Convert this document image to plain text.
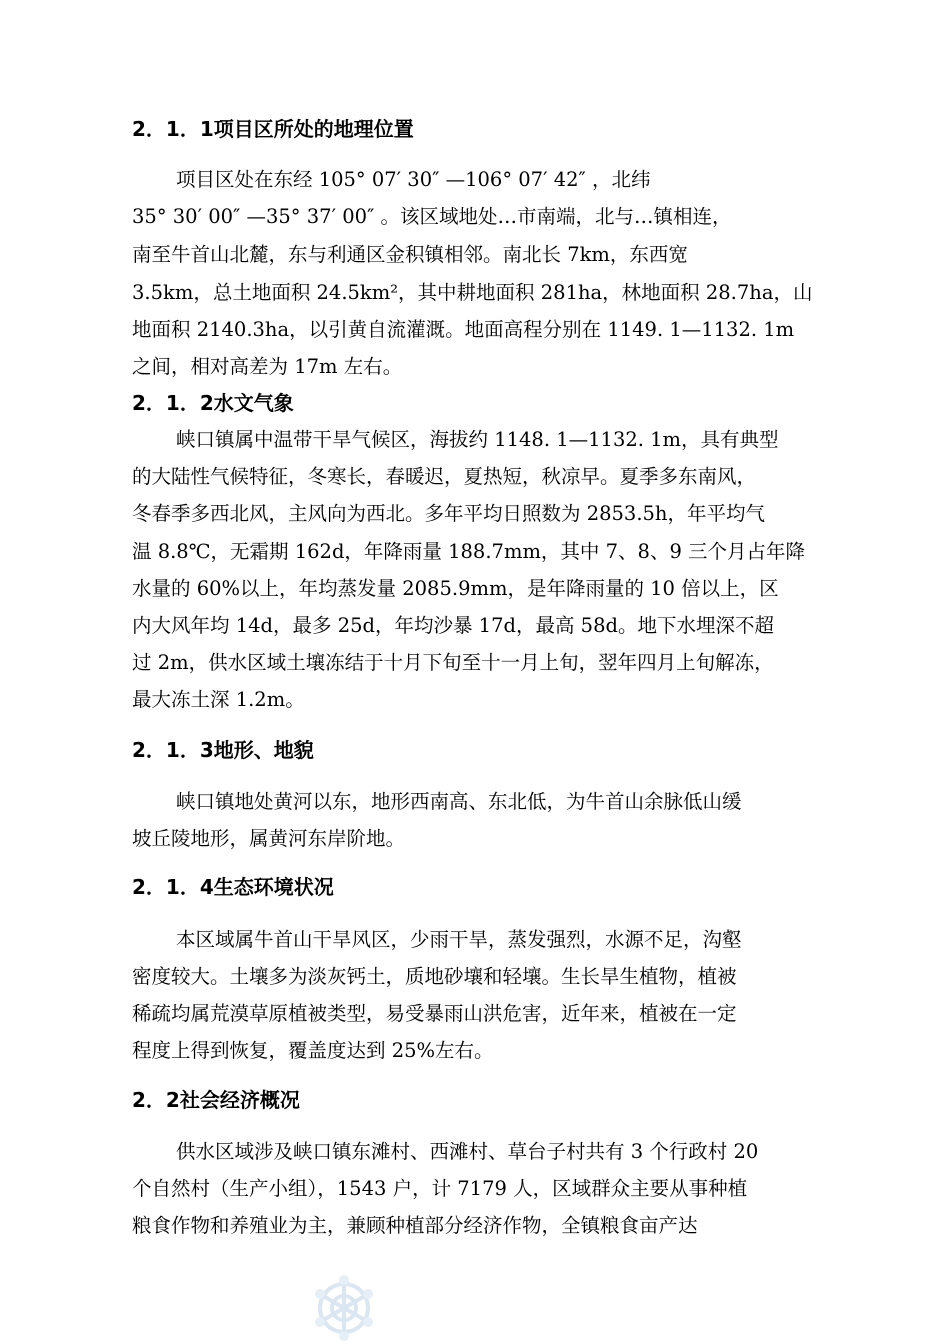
2．1．1项目区所处的地理位置
项目区处在东经 105° 07′ 30″ —106° 07′ 42″ ，北纬
35° 30′ 00″ —35° 37′ 00″ 。该区域地处…市南端，北与…镇相连，
南至牛首山北麓，东与利通区金积镇相邻。南北长 7km，东西宽
3.5km，总土地面积 24.5km²，其中耕地面积 281ha，林地面积 28.7ha，山
地面积 2140.3ha，以引黄自流灌溉。地面高程分别在 1149. 1—1132. 1m
之间，相对高差为 17m 左右。
2．1．2水文气象
峡口镇属中温带干旱气候区，海拔约 1148. 1—1132. 1m，具有典型
的大陆性气候特征，冬寒长，春暖迟，夏热短，秋凉早。夏季多东南风，
冬春季多西北风，主风向为西北。多年平均日照数为 2853.5h，年平均气
温 8.8℃，无霜期 162d，年降雨量 188.7mm，其中 7、8、9 三个月占年降
水量的 60%以上，年均蒸发量 2085.9mm，是年降雨量的 10 倍以上，区
内大风年均 14d，最多 25d，年均沙暴 17d，最高 58d。地下水埋深不超
过 2m，供水区域土壤冻结于十月下旬至十一月上旬，翌年四月上旬解冻，
最大冻土深 1.2m。
2．1．3地形、地貌
峡口镇地处黄河以东，地形西南高、东北低，为牛首山余脉低山缓
坡丘陵地形，属黄河东岸阶地。
2．1．4生态环境状况
本区域属牛首山干旱风区，少雨干旱，蒸发强烈，水源不足，沟壑
密度较大。土壤多为淡灰钙土，质地砂壤和轻壤。生长旱生植物，植被
稀疏均属荒漠草原植被类型，易受暴雨山洪危害，近年来，植被在一定
程度上得到恢复，覆盖度达到 25%左右。
2．2社会经济概况
供水区域涉及峡口镇东滩村、西滩村、草台子村共有 3 个行政村 20
个自然村（生产小组），1543 户，计 7179 人，区域群众主要从事种植
粮食作物和养殖业为主，兼顾种植部分经济作物，全镇粮食亩产达
